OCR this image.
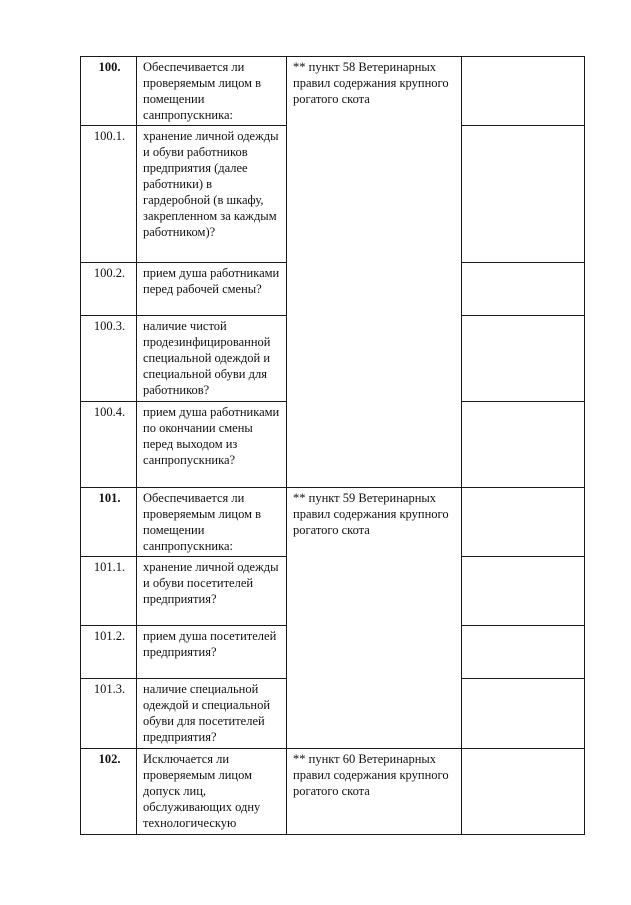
100.	Обеспечивается ли проверяемым лицом в помещении санпропускника:	** пункт 58 Ветеринарных правил содержания крупного рогатого скота	
100.1.	хранение личной одежды и обуви работников предприятия (далее работники) в гардеробной (в шкафу, закрепленном за каждым работником)?		
100.2.	прием душа работниками перед рабочей смены?		
100.3.	наличие чистой продезинфицированной специальной одеждой и специальной обуви для работников?		
100.4.	прием душа работниками по окончании смены перед выходом из санпропускника?		
101.	Обеспечивается ли проверяемым лицом в помещении санпропускника:	** пункт 59 Ветеринарных правил содержания крупного рогатого скота	
101.1.	хранение личной одежды и обуви посетителей предприятия?		
101.2.	прием душа посетителей предприятия?		
101.3.	наличие специальной одеждой и специальной обуви для посетителей предприятия?		
102.	Исключается ли проверяемым лицом допуск лиц, обслуживающих одну технологическую	** пункт 60 Ветеринарных правил содержания крупного рогатого скота	
